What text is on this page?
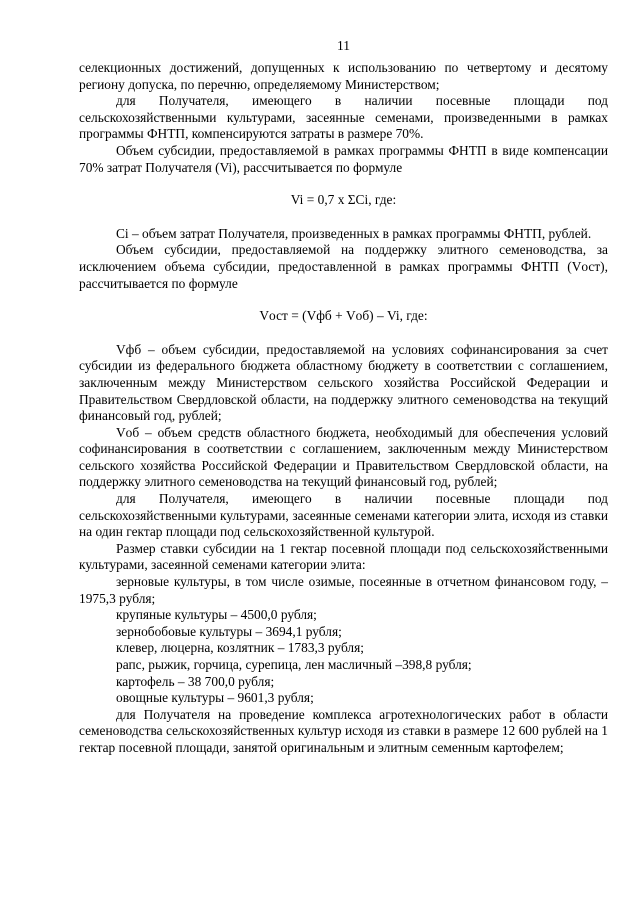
11

селекционных достижений, допущенных к использованию по четвертому и десятому региону допуска, по перечню, определяемому Министерством;

для Получателя, имеющего в наличии посевные площади под сельскохозяйственными культурами, засеянные семенами, произведенными в рамках программы ФНТП, компенсируются затраты в размере 70%.

Объем субсидии, предоставляемой в рамках программы ФНТП в виде компенсации 70% затрат Получателя (Vi), рассчитывается по формуле

Vi = 0,7 x ΣCi, где:

Ci – объем затрат Получателя, произведенных в рамках программы ФНТП, рублей.

Объем субсидии, предоставляемой на поддержку элитного семеноводства, за исключением объема субсидии, предоставленной в рамках программы ФНТП (Vост), рассчитывается по формуле

Vост = (Vфб + Vоб) – Vi, где:

Vфб – объем субсидии, предоставляемой на условиях софинансирования за счет субсидии из федерального бюджета областному бюджету в соответствии с соглашением, заключенным между Министерством сельского хозяйства Российской Федерации и Правительством Свердловской области, на поддержку элитного семеноводства на текущий финансовый год, рублей;

Vоб – объем средств областного бюджета, необходимый для обеспечения условий софинансирования в соответствии с соглашением, заключенным между Министерством сельского хозяйства Российской Федерации и Правительством Свердловской области, на поддержку элитного семеноводства на текущий финансовый год, рублей;

для Получателя, имеющего в наличии посевные площади под сельскохозяйственными культурами, засеянные семенами категории элита, исходя из ставки на один гектар площади под сельскохозяйственной культурой.

Размер ставки субсидии на 1 гектар посевной площади под сельскохозяйственными культурами, засеянной семенами категории элита:

зерновые культуры, в том числе озимые, посеянные в отчетном финансовом году, – 1975,3 рубля;

крупяные культуры – 4500,0 рубля;

зернобобовые культуры – 3694,1 рубля;

клевер, люцерна, козлятник – 1783,3 рубля;

рапс, рыжик, горчица, сурепица, лен масличный –398,8 рубля;

картофель – 38 700,0 рубля;

овощные культуры – 9601,3 рубля;

для Получателя на проведение комплекса агротехнологических работ в области семеноводства сельскохозяйственных культур исходя из ставки в размере 12 600 рублей на 1 гектар посевной площади, занятой оригинальным и элитным семенным картофелем;
